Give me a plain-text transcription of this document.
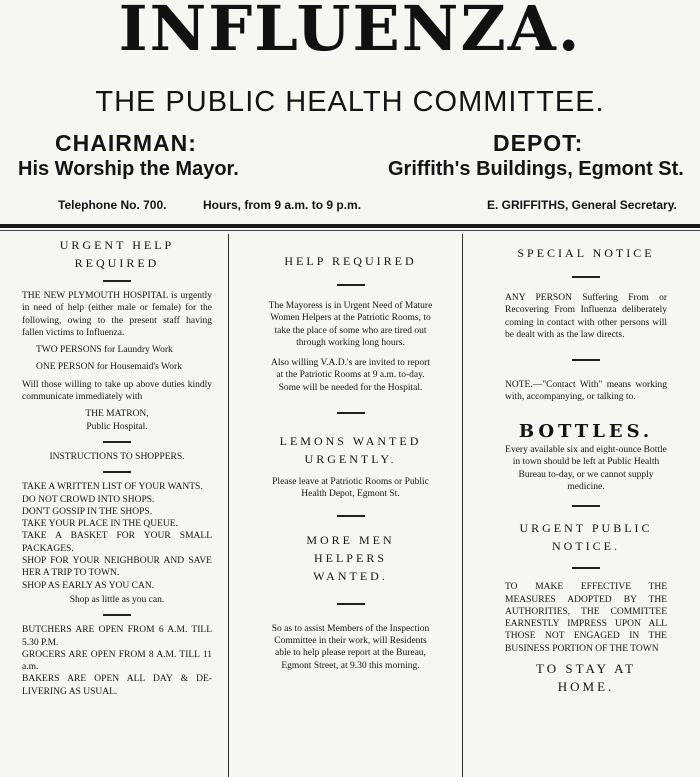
INFLUENZA.
THE PUBLIC HEALTH COMMITTEE.
CHAIRMAN:
His Worship the Mayor.
DEPOT:
Griffith's Buildings, Egmont St.
Telephone No. 700.	Hours, from 9 a.m. to 9 p.m.	E. GRIFFITHS, General Secretary.
URGENT HELP
REQUIRED

THE NEW PLYMOUTH HOSPITAL is urgently in need of help (either male or female) for the following, owing to the present staff having fallen victims to Influenza.

TWO PERSONS for Laundry Work

ONE PERSON for Housemaid's Work

Will those willing to take up above duties kindly communicate immediately with

THE MATRON,
Public Hospital.
INSTRUCTIONS TO SHOPPERS.

TAKE A WRITTEN LIST OF YOUR WANTS.

DO NOT CROWD INTO SHOPS.

DON'T GOSSIP IN THE SHOPS.

TAKE YOUR PLACE IN THE QUEUE.

TAKE A BASKET FOR YOUR SMALL PACKAGES.

SHOP FOR YOUR NEIGHBOUR AND SAVE HER A TRIP TO TOWN.

SHOP AS EARLY AS YOU CAN.

Shop as little as you can.

BUTCHERS ARE OPEN FROM 6 A.M. TILL 5.30 P.M.

GROCERS ARE OPEN FROM 8 A.M. TILL 11 a.m.

BAKERS ARE OPEN ALL DAY & DE-LIVERING AS USUAL.

HELP REQUIRED

The Mayoress is in Urgent Need of Mature Women Helpers at the Patriotic Rooms, to take the place of some who are tired out through working long hours.

Also willing V.A.D.'s are invited to report at the Patriotic Rooms at 9 a.m. to-day. Some will be needed for the Hospital.

LEMONS WANTED
URGENTLY.

Please leave at Patriotic Rooms or Public Health Depot, Egmont St.

MORE MEN HELPERS
WANTED.

So as to assist Members of the Inspection Committee in their work, will Residents able to help please report at the Bureau, Egmont Street, at 9.30 this morning.

SPECIAL NOTICE

ANY PERSON Suffering From or Recovering From Influenza deliberately coming in contact with other persons will be dealt with as the law directs.

NOTE.—"Contact With" means working with, accompanying, or talking to.

BOTTLES.

Every available six and eight-ounce Bottle in town should be left at Public Health Bureau to-day, or we cannot supply medicine.

URGENT PUBLIC NOTICE.

TO MAKE EFFECTIVE THE MEASURES ADOPTED BY THE AUTHORITIES, THE COMMITTEE EARNESTLY IMPRESS UPON ALL THOSE NOT ENGAGED IN THE BUSINESS PORTION OF THE TOWN

TO STAY AT HOME.
